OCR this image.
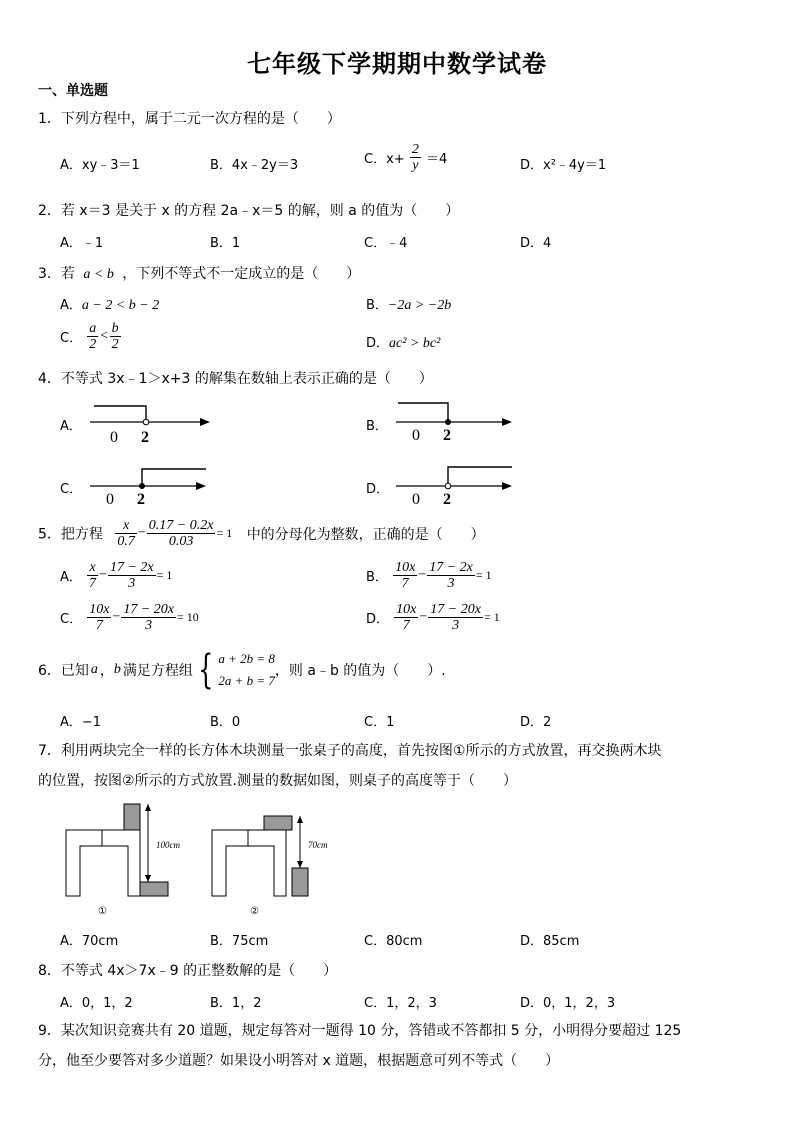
七年级下学期期中数学试卷
一、单选题
1．下列方程中，属于二元一次方程的是（　　）
A．xy﹣3＝1	B．4x﹣2y＝3	C．$x+ \frac{2}{y} =4$	D．x²﹣4y＝1
2．若 x＝3 是关于 x 的方程 2a﹣x＝5 的解，则 a 的值为（　　）
A．﹣1	B．1	C．﹣4	D．4
3．若 a < b ，下列不等式不一定成立的是（　　）
A．a − 2 < b − 2	B．−2a > −2b
C． $\frac{a}{2} < \frac{b}{2}$	D．ac² > bc²
4．不等式 3x﹣1＞x+3 的解集在数轴上表示正确的是（　　）
A．	B．
C．	D．
0 2	0 2
0 2	0 2
5．把方程 $\frac{x}{0.7} - \frac{0.17 - 0.2x}{0.03} = 1$ 中的分母化为整数，正确的是（　　）
A． $\frac{x}{7} - \frac{17 - 2x}{3} = 1$	B． $\frac{10x}{7} - \frac{17 - 2x}{3} = 1$
C． $\frac{10x}{7} - \frac{17 - 20x}{3} = 10$	D． $\frac{10x}{7} - \frac{17 - 20x}{3} = 1$
6．已知 a ，b 满足方程组 { a + 2b = 8
2a + b = 7
，则 a﹣b 的值为（　　）.
A．−1	B．0	C．1	D．2
7．利用两块完全一样的长方体木块测量一张桌子的高度，首先按图①所示的方式放置，再交换两木块
的位置，按图②所示的方式放置.测量的数据如图，则桌子的高度等于（　　）
100cm
①
70cm
②
A．70cm	B．75cm	C．80cm	D．85cm
8．不等式 4x＞7x﹣9 的正整数解的是（　　）
A．0，1，2	B．1，2	C．1，2，3	D．0，1，2，3
9．某次知识竞赛共有 20 道题，规定每答对一题得 10 分，答错或不答都扣 5 分，小明得分要超过 125
分，他至少要答对多少道题？如果设小明答对 x 道题，根据题意可列不等式（　　）
